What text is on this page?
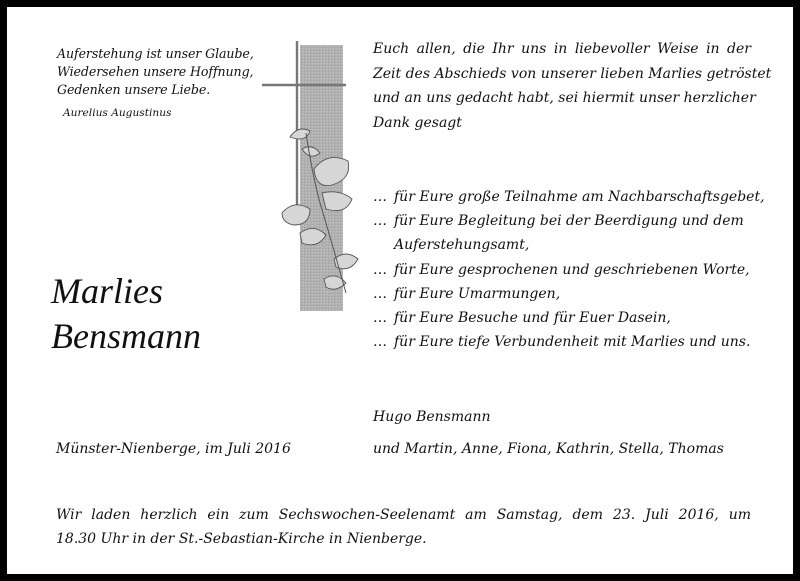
Auferstehung ist unser Glaube,
Wiedersehen unsere Hoffnung,
Gedenken unsere Liebe.
Aurelius Augustinus
Marlies
Bensmann
Münster-Nienberge, im Juli 2016
Euch allen, die Ihr uns in liebevoller Weise in der
Zeit des Abschieds von unserer lieben Marlies getröstet
und an uns gedacht habt, sei hiermit unser herzlicher
Dank gesagt
… für Eure große Teilnahme am Nachbarschaftsgebet,
… für Eure Begleitung bei der Beerdigung und dem
Auferstehungsamt,
… für Eure gesprochenen und geschriebenen Worte,
… für Eure Umarmungen,
… für Eure Besuche und für Euer Dasein,
… für Eure tiefe Verbundenheit mit Marlies und uns.
Hugo Bensmann
und Martin, Anne, Fiona, Kathrin, Stella, Thomas
Wir laden herzlich ein zum Sechswochen-Seelenamt am Samstag, dem 23. Juli 2016, um
18.30 Uhr in der St.-Sebastian-Kirche in Nienberge.
